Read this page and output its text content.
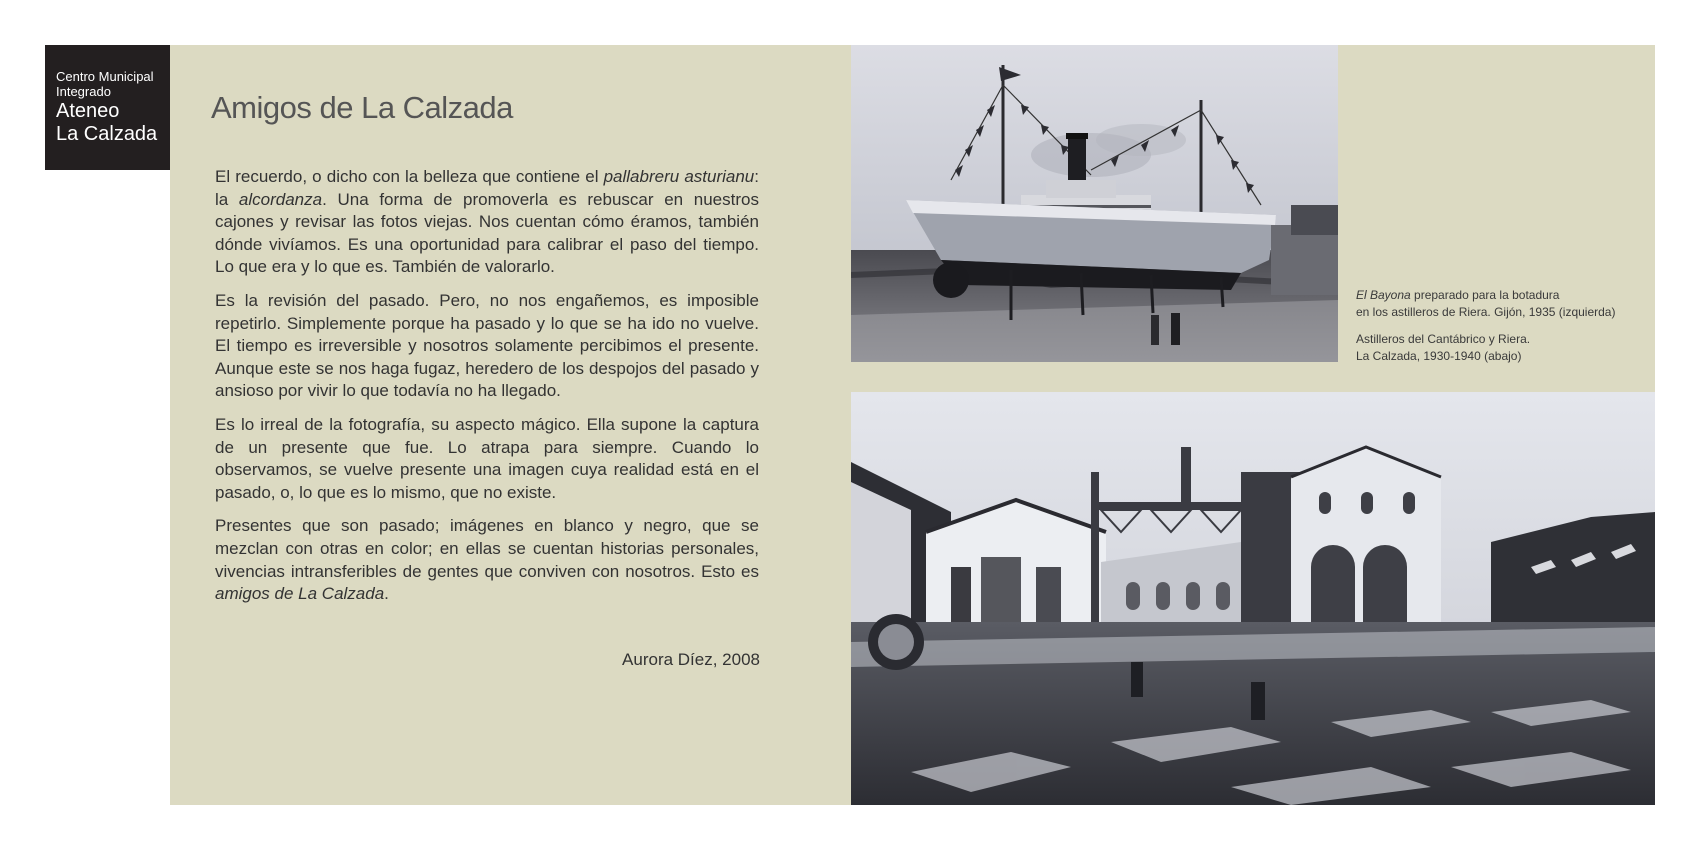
Centro Municipal
Integrado
Ateneo
La Calzada
Amigos de La Calzada

El recuerdo, o dicho con la belleza que contiene el pallabreru asturianu: la alcordanza. Una forma de promoverla es rebuscar en nuestros cajones y revisar las fotos viejas. Nos cuentan cómo éramos, también dónde vivíamos. Es una oportunidad para calibrar el paso del tiempo. Lo que era y lo que es. También de valorarlo.

Es la revisión del pasado. Pero, no nos engañemos, es imposible repetirlo. Simplemente porque ha pasado y lo que se ha ido no vuelve. El tiempo es irreversible y nosotros solamente percibimos el presente. Aunque este se nos haga fugaz, heredero de los despojos del pasado y ansioso por vivir lo que todavía no ha llegado.

Es lo irreal de la fotografía, su aspecto mágico. Ella supone la captura de un presente que fue. Lo atrapa para siempre. Cuando lo observamos, se vuelve presente una imagen cuya realidad está en el pasado, o, lo que es lo mismo, que no existe.

Presentes que son pasado; imágenes en blanco y negro, que se mezclan con otras en color; en ellas se cuentan historias personales, vivencias intransferibles de gentes que conviven con nosotros. Esto es amigos de La Calzada.

Aurora Díez, 2008

El Bayona preparado para la botadura
en los astilleros de Riera. Gijón, 1935 (izquierda)

Astilleros del Cantábrico y Riera.
La Calzada, 1930-1940 (abajo)
